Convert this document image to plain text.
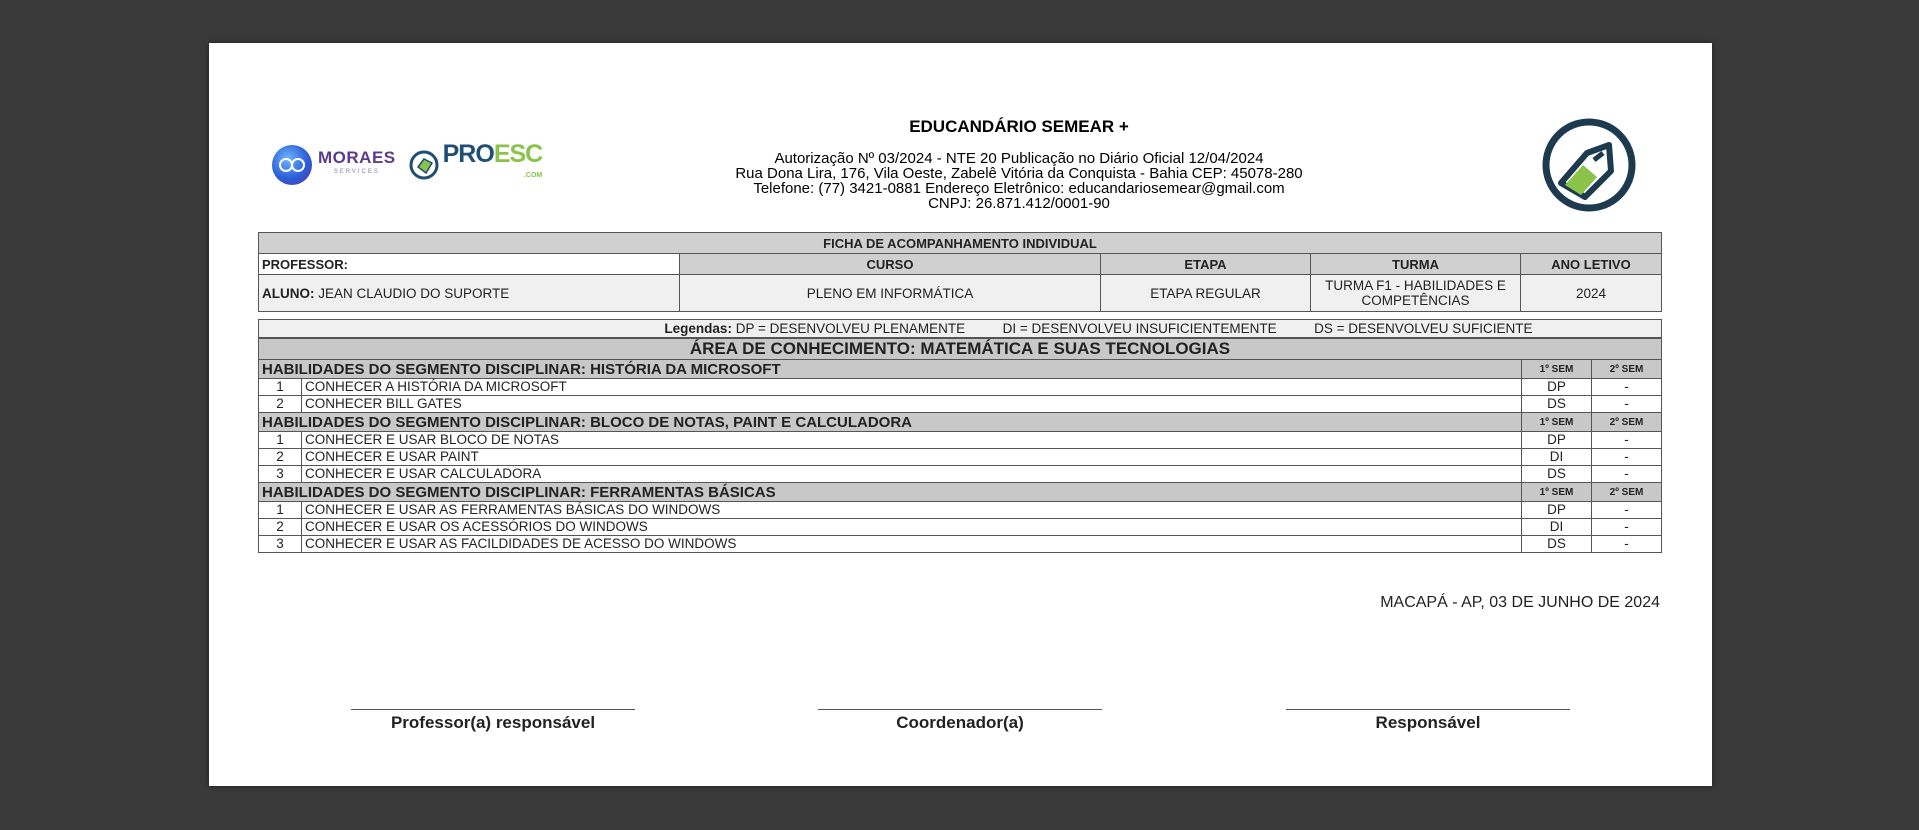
MORAES
SERVICES
PROESC
.COM
EDUCANDÁRIO SEMEAR +
Autorização Nº 03/2024 - NTE 20 Publicação no Diário Oficial 12/04/2024
Rua Dona Lira, 176, Vila Oeste, Zabelê Vitória da Conquista - Bahia CEP: 45078-280
Telefone: (77) 3421-0881 Endereço Eletrônico: educandariosemear@gmail.com
CNPJ: 26.871.412/0001-90
FICHA DE ACOMPANHAMENTO INDIVIDUAL				
PROFESSOR:	CURSO	ETAPA	TURMA	ANO LETIVO
ALUNO: JEAN CLAUDIO DO SUPORTE	PLENO EM INFORMÁTICA	ETAPA REGULAR	TURMA F1 - HABILIDADES E COMPETÊNCIAS	2024
Legendas: DP = DESENVOLVEU PLENAMENTE	DI = DESENVOLVEU INSUFICIENTEMENTE	DS = DESENVOLVEU SUFICIENTE
ÁREA DE CONHECIMENTO: MATEMÁTICA E SUAS TECNOLOGIAS			
HABILIDADES DO SEGMENTO DISCIPLINAR: HISTÓRIA DA MICROSOFT		1º SEM	2º SEM
1	CONHECER A HISTÓRIA DA MICROSOFT	DP	-
2	CONHECER BILL GATES	DS	-
HABILIDADES DO SEGMENTO DISCIPLINAR: BLOCO DE NOTAS, PAINT E CALCULADORA		1º SEM	2º SEM
1	CONHECER E USAR BLOCO DE NOTAS	DP	-
2	CONHECER E USAR PAINT	DI	-
3	CONHECER E USAR CALCULADORA	DS	-
HABILIDADES DO SEGMENTO DISCIPLINAR: FERRAMENTAS BÁSICAS		1º SEM	2º SEM
1	CONHECER E USAR AS FERRAMENTAS BÁSICAS DO WINDOWS	DP	-
2	CONHECER E USAR OS ACESSÓRIOS DO WINDOWS	DI	-
3	CONHECER E USAR AS FACILDIDADES DE ACESSO DO WINDOWS	DS	-
MACAPÁ - AP, 03 DE JUNHO DE 2024
Professor(a) responsável	Coordenador(a)	Responsável
